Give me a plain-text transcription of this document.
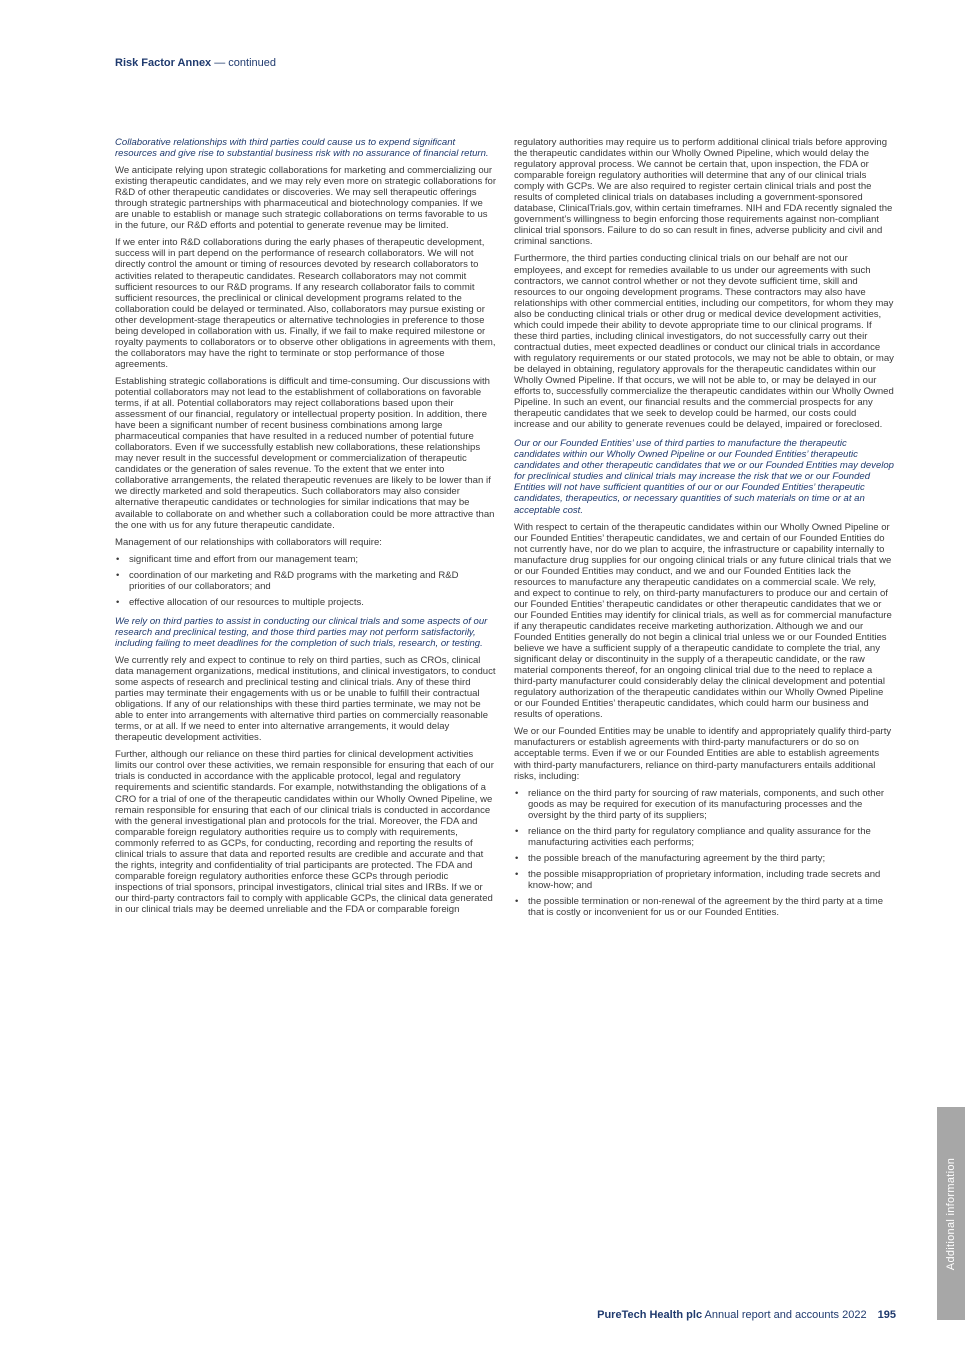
Risk Factor Annex — continued

Collaborative relationships with third parties could cause us to expend significant resources and give rise to substantial business risk with no assurance of financial return.

We anticipate relying upon strategic collaborations for marketing and commercializing our existing therapeutic candidates, and we may rely even more on strategic collaborations for R&D of other therapeutic candidates or discoveries. We may sell therapeutic offerings through strategic partnerships with pharmaceutical and biotechnology companies. If we are unable to establish or manage such strategic collaborations on terms favorable to us in the future, our R&D efforts and potential to generate revenue may be limited.

If we enter into R&D collaborations during the early phases of therapeutic development, success will in part depend on the performance of research collaborators. We will not directly control the amount or timing of resources devoted by research collaborators to activities related to therapeutic candidates. Research collaborators may not commit sufficient resources to our R&D programs. If any research collaborator fails to commit sufficient resources, the preclinical or clinical development programs related to the collaboration could be delayed or terminated. Also, collaborators may pursue existing or other development-stage therapeutics or alternative technologies in preference to those being developed in collaboration with us. Finally, if we fail to make required milestone or royalty payments to collaborators or to observe other obligations in agreements with them, the collaborators may have the right to terminate or stop performance of those agreements.

Establishing strategic collaborations is difficult and time-consuming. Our discussions with potential collaborators may not lead to the establishment of collaborations on favorable terms, if at all. Potential collaborators may reject collaborations based upon their assessment of our financial, regulatory or intellectual property position. In addition, there have been a significant number of recent business combinations among large pharmaceutical companies that have resulted in a reduced number of potential future collaborators. Even if we successfully establish new collaborations, these relationships may never result in the successful development or commercialization of therapeutic candidates or the generation of sales revenue. To the extent that we enter into collaborative arrangements, the related therapeutic revenues are likely to be lower than if we directly marketed and sold therapeutics. Such collaborators may also consider alternative therapeutic candidates or technologies for similar indications that may be available to collaborate on and whether such a collaboration could be more attractive than the one with us for any future therapeutic candidate.

Management of our relationships with collaborators will require:

• significant time and effort from our management team;
• coordination of our marketing and R&D programs with the marketing and R&D priorities of our collaborators; and
• effective allocation of our resources to multiple projects.

We rely on third parties to assist in conducting our clinical trials and some aspects of our research and preclinical testing, and those third parties may not perform satisfactorily, including failing to meet deadlines for the completion of such trials, research, or testing.

We currently rely and expect to continue to rely on third parties, such as CROs, clinical data management organizations, medical institutions, and clinical investigators, to conduct some aspects of research and preclinical testing and clinical trials. Any of these third parties may terminate their engagements with us or be unable to fulfill their contractual obligations. If any of our relationships with these third parties terminate, we may not be able to enter into arrangements with alternative third parties on commercially reasonable terms, or at all. If we need to enter into alternative arrangements, it would delay therapeutic development activities.

Further, although our reliance on these third parties for clinical development activities limits our control over these activities, we remain responsible for ensuring that each of our trials is conducted in accordance with the applicable protocol, legal and regulatory requirements and scientific standards. For example, notwithstanding the obligations of a CRO for a trial of one of the therapeutic candidates within our Wholly Owned Pipeline, we remain responsible for ensuring that each of our clinical trials is conducted in accordance with the general investigational plan and protocols for the trial. Moreover, the FDA and comparable foreign regulatory authorities require us to comply with requirements, commonly referred to as GCPs, for conducting, recording and reporting the results of clinical trials to assure that data and reported results are credible and accurate and that the rights, integrity and confidentiality of trial participants are protected. The FDA and comparable foreign regulatory authorities enforce these GCPs through periodic inspections of trial sponsors, principal investigators, clinical trial sites and IRBs. If we or our third-party contractors fail to comply with applicable GCPs, the clinical data generated in our clinical trials may be deemed unreliable and the FDA or comparable foreign

regulatory authorities may require us to perform additional clinical trials before approving the therapeutic candidates within our Wholly Owned Pipeline, which would delay the regulatory approval process. We cannot be certain that, upon inspection, the FDA or comparable foreign regulatory authorities will determine that any of our clinical trials comply with GCPs. We are also required to register certain clinical trials and post the results of completed clinical trials on databases including a government-sponsored database, ClinicalTrials.gov, within certain timeframes. NIH and FDA recently signaled the government’s willingness to begin enforcing those requirements against non-compliant clinical trial sponsors. Failure to do so can result in fines, adverse publicity and civil and criminal sanctions.

Furthermore, the third parties conducting clinical trials on our behalf are not our employees, and except for remedies available to us under our agreements with such contractors, we cannot control whether or not they devote sufficient time, skill and resources to our ongoing development programs. These contractors may also have relationships with other commercial entities, including our competitors, for whom they may also be conducting clinical trials or other drug or medical device development activities, which could impede their ability to devote appropriate time to our clinical programs. If these third parties, including clinical investigators, do not successfully carry out their contractual duties, meet expected deadlines or conduct our clinical trials in accordance with regulatory requirements or our stated protocols, we may not be able to obtain, or may be delayed in obtaining, regulatory approvals for the therapeutic candidates within our Wholly Owned Pipeline. If that occurs, we will not be able to, or may be delayed in our efforts to, successfully commercialize the therapeutic candidates within our Wholly Owned Pipeline. In such an event, our financial results and the commercial prospects for any therapeutic candidates that we seek to develop could be harmed, our costs could increase and our ability to generate revenues could be delayed, impaired or foreclosed.

Our or our Founded Entities’ use of third parties to manufacture the therapeutic candidates within our Wholly Owned Pipeline or our Founded Entities’ therapeutic candidates and other therapeutic candidates that we or our Founded Entities may develop for preclinical studies and clinical trials may increase the risk that we or our Founded Entities will not have sufficient quantities of our or our Founded Entities’ therapeutic candidates, therapeutics, or necessary quantities of such materials on time or at an acceptable cost.

With respect to certain of the therapeutic candidates within our Wholly Owned Pipeline or our Founded Entities’ therapeutic candidates, we and certain of our Founded Entities do not currently have, nor do we plan to acquire, the infrastructure or capability internally to manufacture drug supplies for our ongoing clinical trials or any future clinical trials that we or our Founded Entities may conduct, and we and our Founded Entities lack the resources to manufacture any therapeutic candidates on a commercial scale. We rely, and expect to continue to rely, on third-party manufacturers to produce our and certain of our Founded Entities’ therapeutic candidates or other therapeutic candidates that we or our Founded Entities may identify for clinical trials, as well as for commercial manufacture if any therapeutic candidates receive marketing authorization. Although we and our Founded Entities generally do not begin a clinical trial unless we or our Founded Entities believe we have a sufficient supply of a therapeutic candidate to complete the trial, any significant delay or discontinuity in the supply of a therapeutic candidate, or the raw material components thereof, for an ongoing clinical trial due to the need to replace a third-party manufacturer could considerably delay the clinical development and potential regulatory authorization of the therapeutic candidates within our Wholly Owned Pipeline or our Founded Entities’ therapeutic candidates, which could harm our business and results of operations.

We or our Founded Entities may be unable to identify and appropriately qualify third-party manufacturers or establish agreements with third-party manufacturers or do so on acceptable terms. Even if we or our Founded Entities are able to establish agreements with third-party manufacturers, reliance on third-party manufacturers entails additional risks, including:

• reliance on the third party for sourcing of raw materials, components, and such other goods as may be required for execution of its manufacturing processes and the oversight by the third party of its suppliers;
• reliance on the third party for regulatory compliance and quality assurance for the manufacturing activities each performs;
• the possible breach of the manufacturing agreement by the third party;
• the possible misappropriation of proprietary information, including trade secrets and know-how; and
• the possible termination or non-renewal of the agreement by the third party at a time that is costly or inconvenient for us or our Founded Entities.
Additional information
PureTech Health plc Annual report and accounts 2022 195
